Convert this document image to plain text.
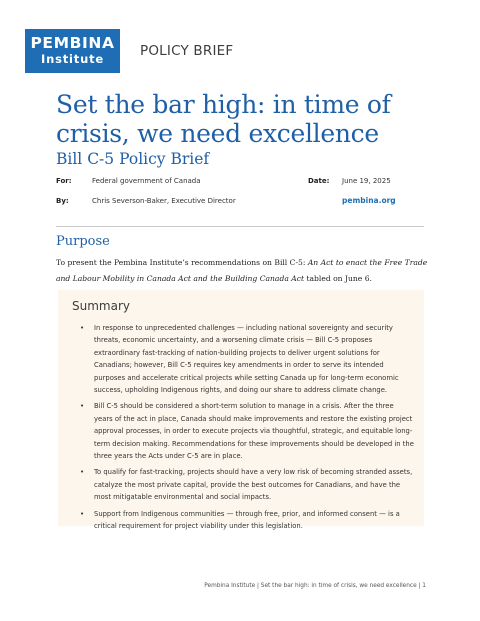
PEMBINA
Institute	POLICY BRIEF
Set the bar high: in time of crisis, we need excellence
Bill C-5 Policy Brief
For:	Federal government of Canada	Date: June 19, 2025
By:	Chris Severson-Baker, Executive Director	pembina.org
Purpose

To present the Pembina Institute’s recommendations on Bill C-5: An Act to enact the Free Trade and Labour Mobility in Canada Act and the Building Canada Act tabled on June 6.

Summary
• In response to unprecedented challenges — including national sovereignty and security threats, economic uncertainty, and a worsening climate crisis — Bill C-5 proposes extraordinary fast-tracking of nation-building projects to deliver urgent solutions for Canadians; however, Bill C-5 requires key amendments in order to serve its intended purposes and accelerate critical projects while setting Canada up for long-term economic success, upholding Indigenous rights, and doing our share to address climate change.
• Bill C-5 should be considered a short-term solution to manage in a crisis. After the three years of the act in place, Canada should make improvements and restore the existing project approval processes, in order to execute projects via thoughtful, strategic, and equitable long-term decision making. Recommendations for these improvements should be developed in the three years the Acts under C-5 are in place.
• To qualify for fast-tracking, projects should have a very low risk of becoming stranded assets, catalyze the most private capital, provide the best outcomes for Canadians, and have the most mitigatable environmental and social impacts.
• Support from Indigenous communities — through free, prior, and informed consent — is a critical requirement for project viability under this legislation.
Pembina Institute | Set the bar high: in time of crisis, we need excellence | 1
